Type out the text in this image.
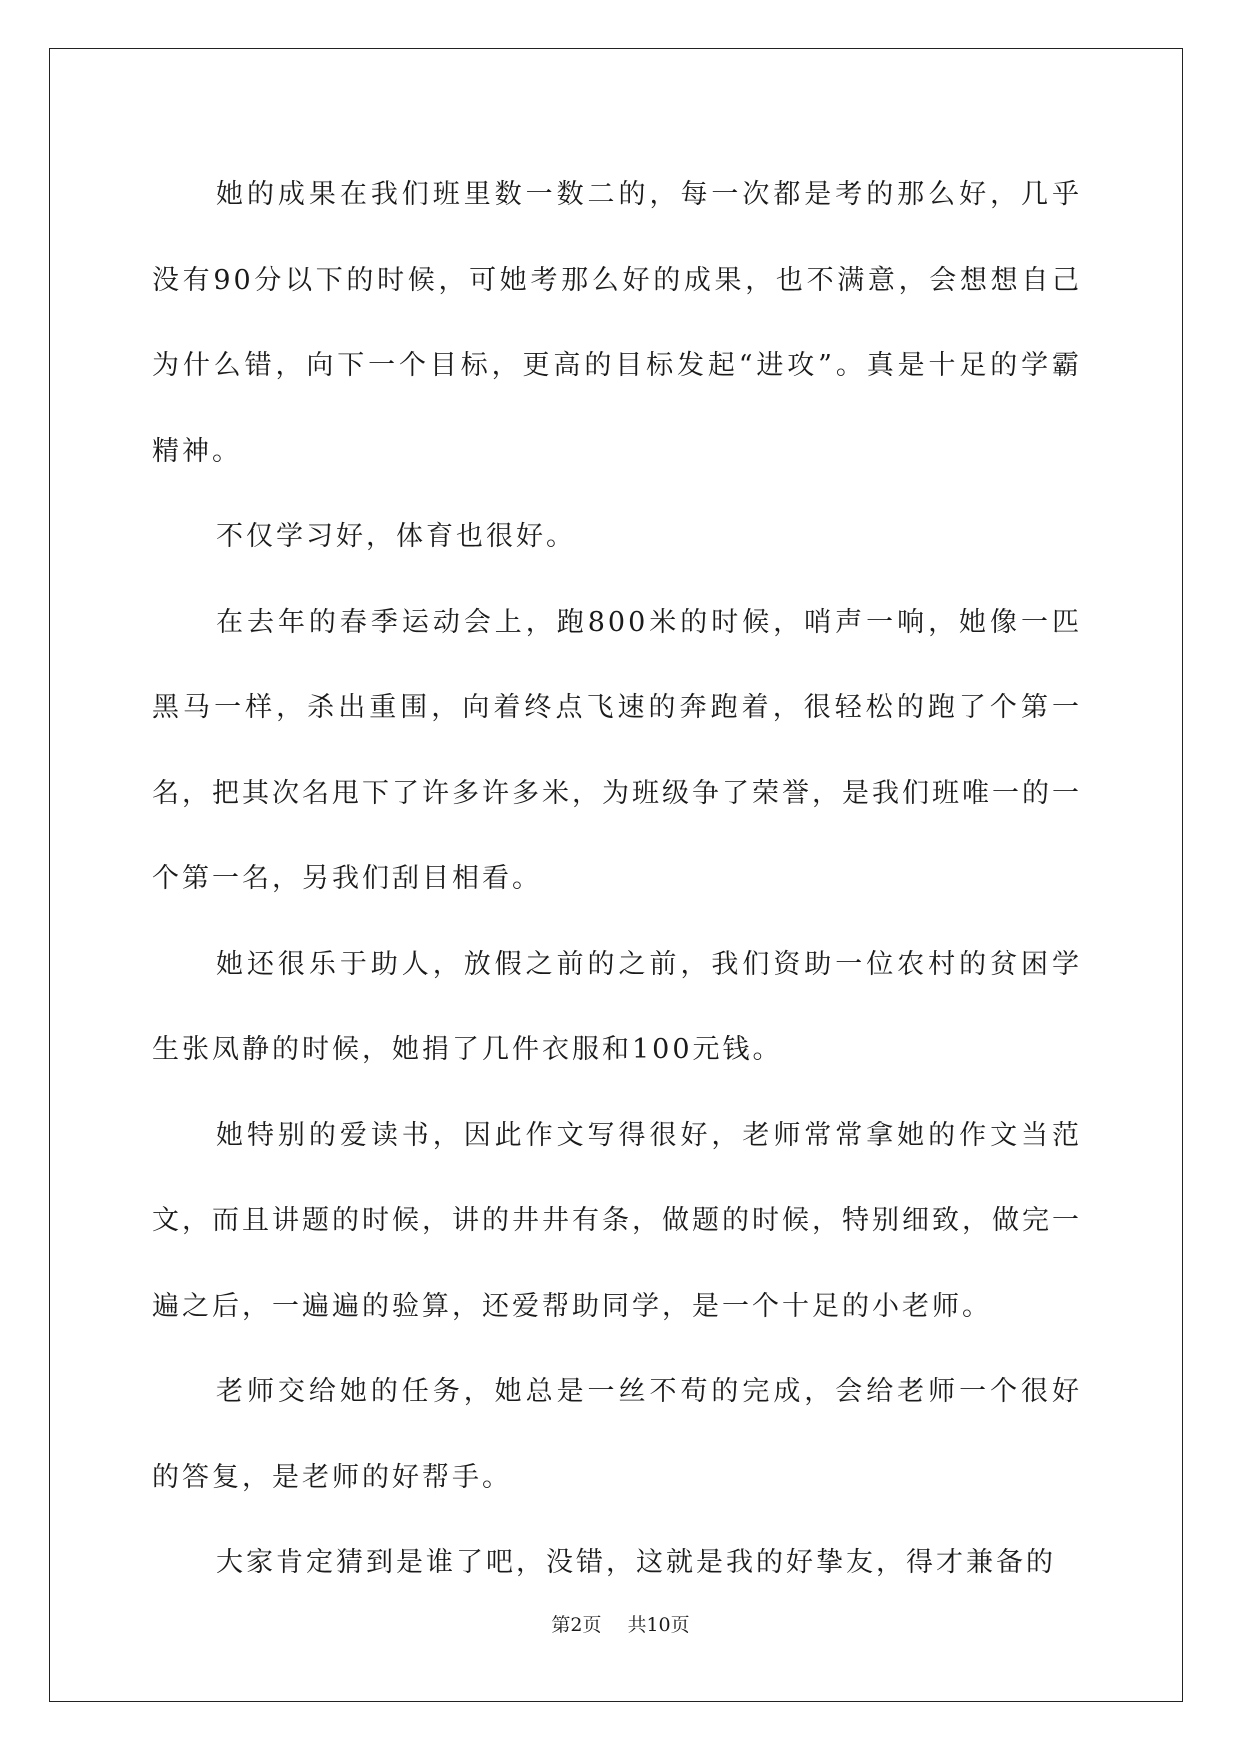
她的成果在我们班里数一数二的，每一次都是考的那么好，几乎没有90分以下的时候，可她考那么好的成果，也不满意，会想想自己为什么错，向下一个目标，更高的目标发起“进攻”。真是十足的学霸精神。

不仅学习好，体育也很好。

在去年的春季运动会上，跑800米的时候，哨声一响，她像一匹黑马一样，杀出重围，向着终点飞速的奔跑着，很轻松的跑了个第一名，把其次名甩下了许多许多米，为班级争了荣誉，是我们班唯一的一个第一名，另我们刮目相看。

她还很乐于助人，放假之前的之前，我们资助一位农村的贫困学生张凤静的时候，她捐了几件衣服和100元钱。

她特别的爱读书，因此作文写得很好，老师常常拿她的作文当范文，而且讲题的时候，讲的井井有条，做题的时候，特别细致，做完一遍之后，一遍遍的验算，还爱帮助同学，是一个十足的小老师。

老师交给她的任务，她总是一丝不苟的完成，会给老师一个很好的答复，是老师的好帮手。

大家肯定猜到是谁了吧，没错，这就是我的好挚友，得才兼备的

第2页 共10页
